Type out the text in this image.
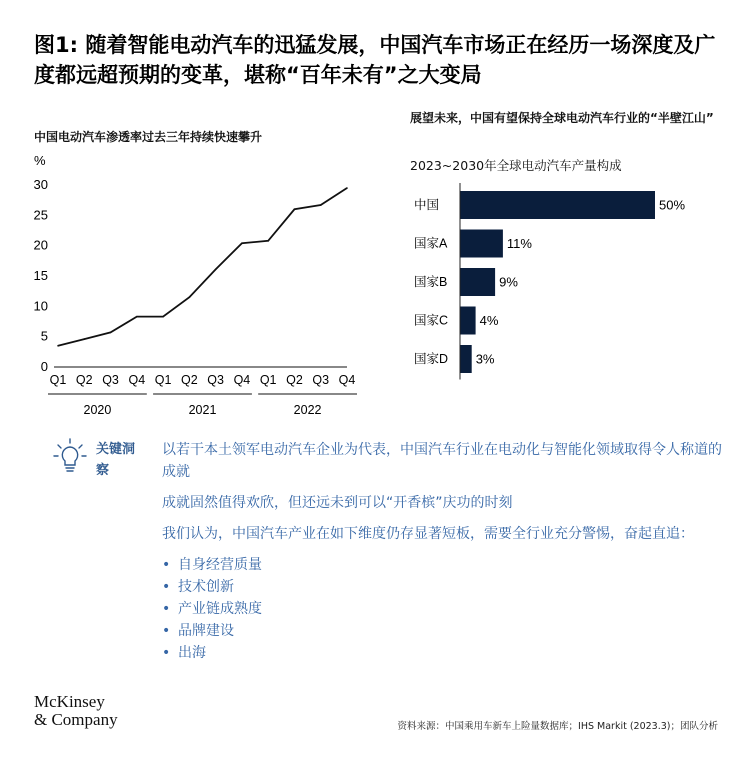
图1: 随着智能电动汽车的迅猛发展，中国汽车市场正在经历一场深度及广度都远超预期的变革，堪称“百年未有”之大变局
中国电动汽车渗透率过去三年持续快速攀升
%
0
5
10
15
20
25
30
Q1 Q2 Q3 Q4 Q1 Q2 Q3 Q4 Q1 Q2 Q3 Q4
2020	2021	2022
展望未来，中国有望保持全球电动汽车行业的“半壁江山”
2023~2030年全球电动汽车产量构成
中国	50%
国家A	11%
国家B	9%
国家C 4%
国家D 3%
关键洞察

以若干本土领军电动汽车企业为代表，中国汽车行业在电动化与智能化领域取得令人称道的成就

成就固然值得欢欣，但还远未到可以“开香槟”庆功的时刻

我们认为，中国汽车产业在如下维度仍存显著短板，需要全行业充分警惕，奋起直追：

• 自身经营质量
• 技术创新
• 产业链成熟度
• 品牌建设
• 出海
McKinsey
& Company	资料来源：中国乘用车新车上险量数据库；IHS Markit (2023.3)；团队分析
